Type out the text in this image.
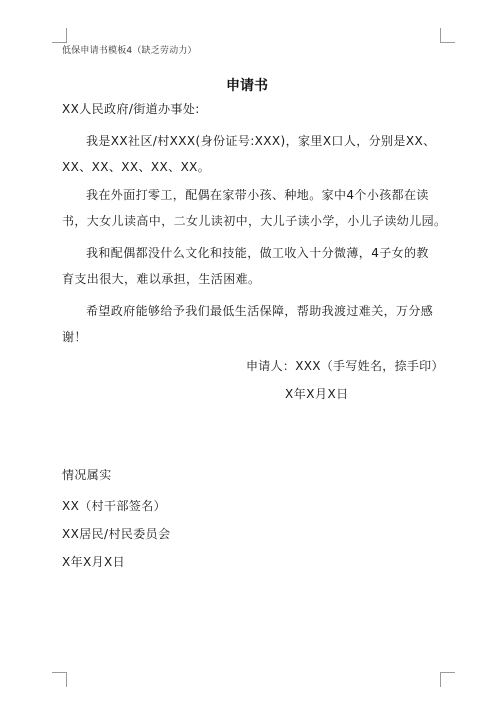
低保申请书模板4（缺乏劳动力）
申请书
XX人民政府/街道办事处:
我是XX社区/村XXX(身份证号:XXX)，家里X口人，分别是XX、
XX、XX、XX、XX、XX。
我在外面打零工，配偶在家带小孩、种地。家中4个小孩都在读
书，大女儿读高中，二女儿读初中，大儿子读小学，小儿子读幼儿园。
我和配偶都没什么文化和技能，做工收入十分微薄，4子女的教
育支出很大，难以承担，生活困难。
希望政府能够给予我们最低生活保障，帮助我渡过难关，万分感
谢！
申请人：XXX（手写姓名，捺手印）
X年X月X日
情况属实
XX（村干部签名）
XX居民/村民委员会
X年X月X日
